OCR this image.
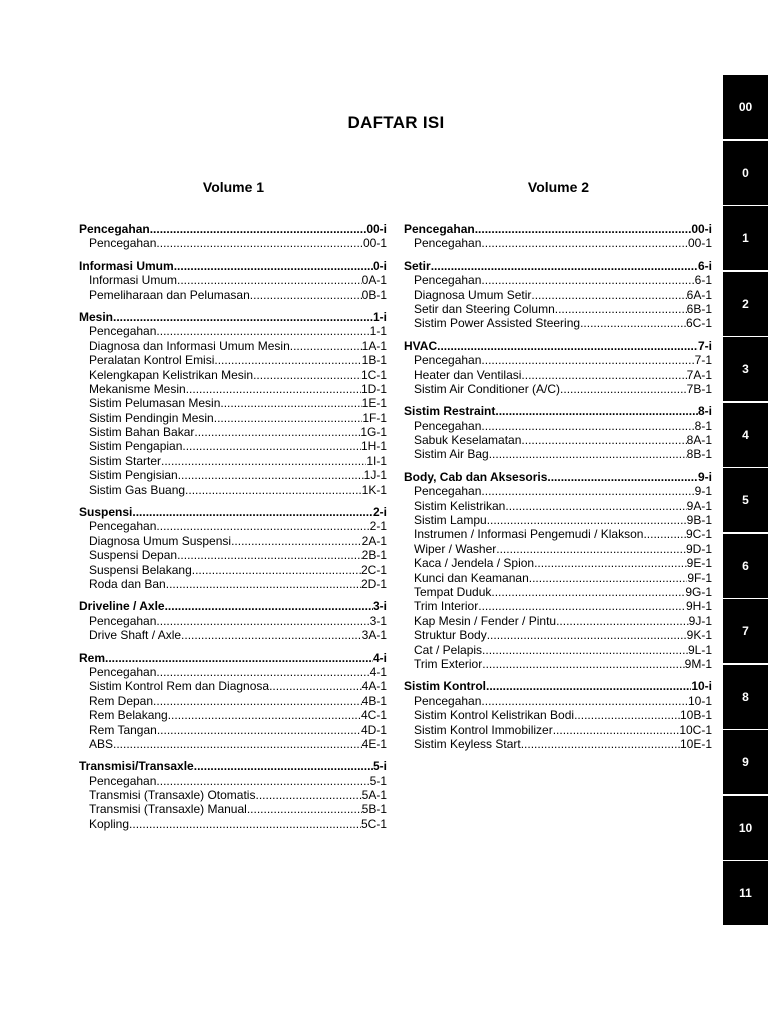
DAFTAR ISI
Volume 1	Volume 2
Pencegahan .....	00-i
Pencegahan .....	00-1
Informasi Umum .....	0-i
Informasi Umum .....	0A-1
Pemeliharaan dan Pelumasan .....	0B-1
Mesin .....	1-i
Pencegahan .....	1-1
Diagnosa dan Informasi Umum Mesin .....	1A-1
Peralatan Kontrol Emisi .....	1B-1
Kelengkapan Kelistrikan Mesin .....	1C-1
Mekanisme Mesin .....	1D-1
Sistim Pelumasan Mesin .....	1E-1
Sistim Pendingin Mesin .....	1F-1
Sistim Bahan Bakar .....	1G-1
Sistim Pengapian .....	1H-1
Sistim Starter .....	1I-1
Sistim Pengisian .....	1J-1
Sistim Gas Buang .....	1K-1
Suspensi .....	2-i
Pencegahan .....	2-1
Diagnosa Umum Suspensi .....	2A-1
Suspensi Depan .....	2B-1
Suspensi Belakang .....	2C-1
Roda dan Ban .....	2D-1
Driveline / Axle .....	3-i
Pencegahan .....	3-1
Drive Shaft / Axle .....	3A-1
Rem .....	4-i
Pencegahan .....	4-1
Sistim Kontrol Rem dan Diagnosa .....	4A-1
Rem Depan .....	4B-1
Rem Belakang .....	4C-1
Rem Tangan .....	4D-1
ABS .....	4E-1
Transmisi/Transaxle .....	5-i
Pencegahan .....	5-1
Transmisi (Transaxle) Otomatis .....	5A-1
Transmisi (Transaxle) Manual .....	5B-1
Kopling .....	5C-1
Pencegahan .....	00-i
Pencegahan .....	00-1
Setir .....	6-i
Pencegahan .....	6-1
Diagnosa Umum Setir .....	6A-1
Setir dan Steering Column .....	6B-1
Sistim Power Assisted Steering .....	6C-1
HVAC .....	7-i
Pencegahan .....	7-1
Heater dan Ventilasi .....	7A-1
Sistim Air Conditioner (A/C) .....	7B-1
Sistim Restraint .....	8-i
Pencegahan .....	8-1
Sabuk Keselamatan .....	8A-1
Sistim Air Bag .....	8B-1
Body, Cab dan Aksesoris .....	9-i
Pencegahan .....	9-1
Sistim Kelistrikan .....	9A-1
Sistim Lampu .....	9B-1
Instrumen / Informasi Pengemudi / Klakson .....	9C-1
Wiper / Washer .....	9D-1
Kaca / Jendela / Spion .....	9E-1
Kunci dan Keamanan .....	9F-1
Tempat Duduk .....	9G-1
Trim Interior .....	9H-1
Kap Mesin / Fender / Pintu .....	9J-1
Struktur Body .....	9K-1
Cat / Pelapis .....	9L-1
Trim Exterior .....	9M-1
Sistim Kontrol .....	10-i
Pencegahan .....	10-1
Sistim Kontrol Kelistrikan Bodi .....	10B-1
Sistim Kontrol Immobilizer .....	10C-1
Sistim Keyless Start .....	10E-1
00
0
1
2
3
4
5
6
7
8
9
10
11
